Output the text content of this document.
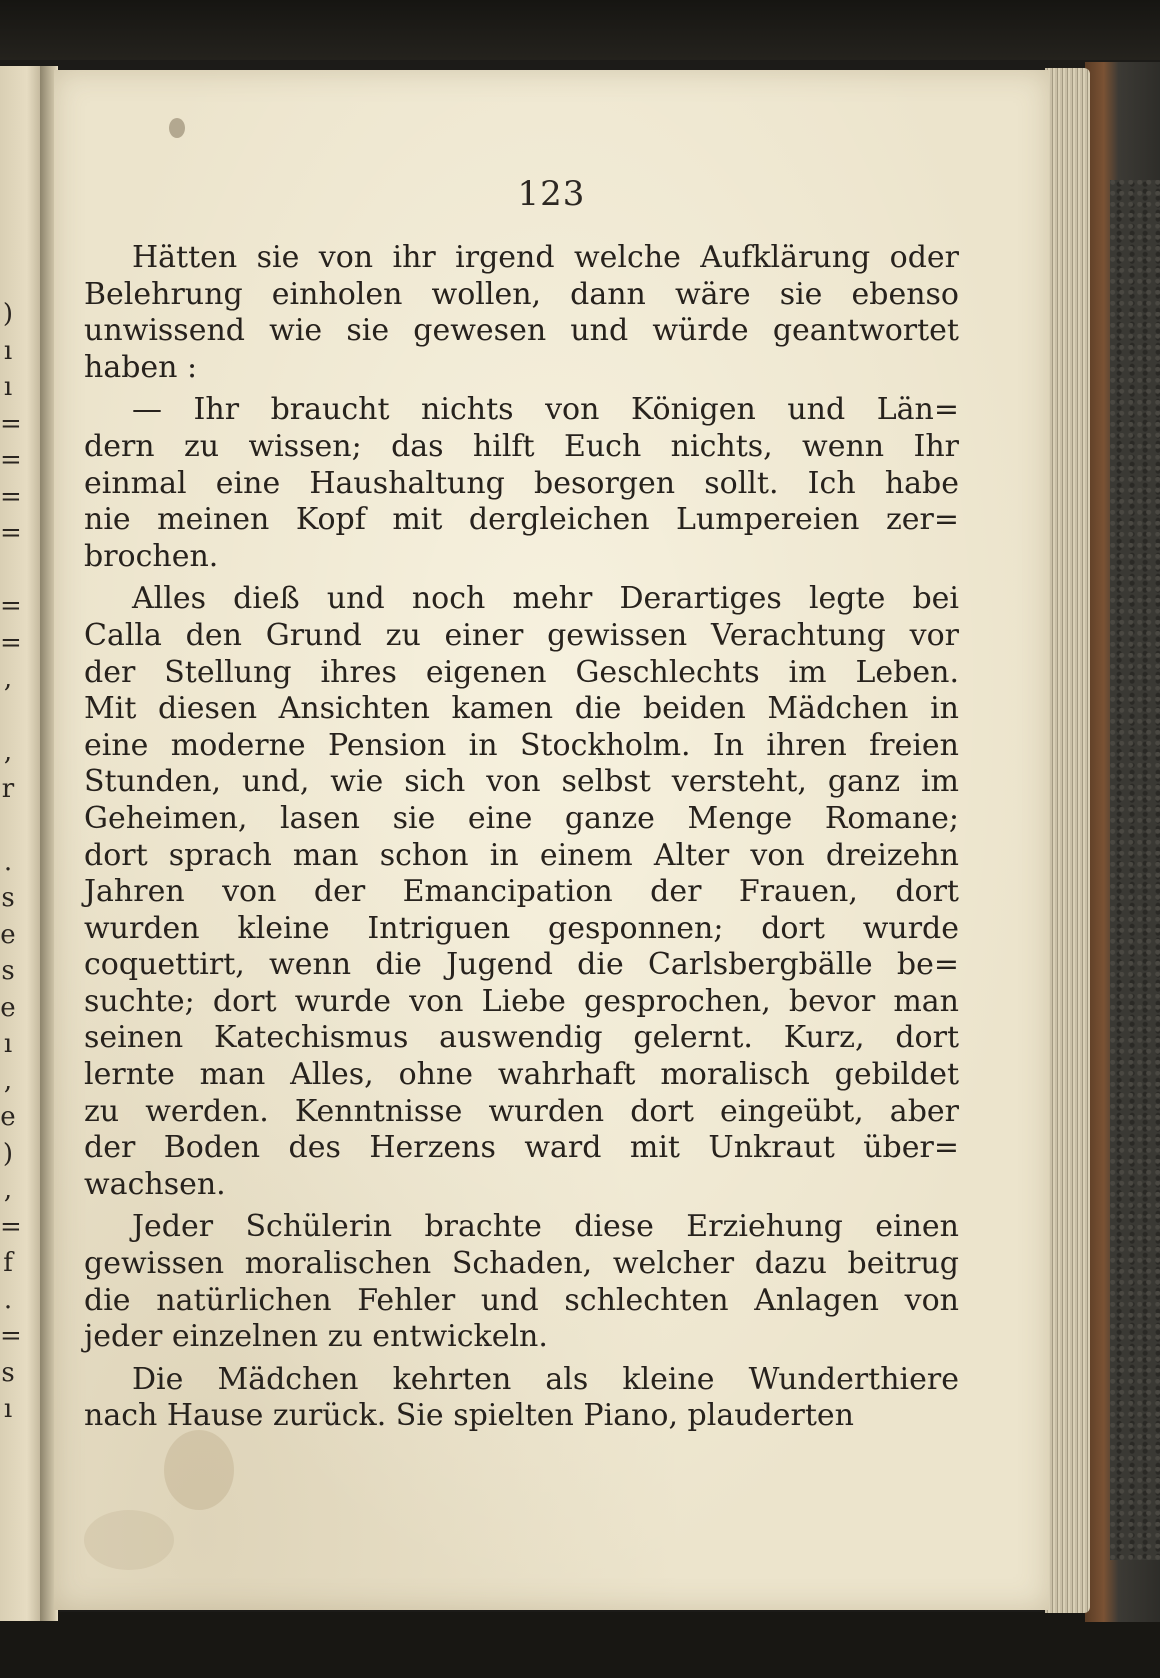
)
ı
ı
=
=
=
=

=
=
,

,
r

.
s
e
s
e
ı
,
e
)
,
=
f
.
=
s
ı
123
Hätten sie von ihr irgend welche Aufklärung oder
Belehrung einholen wollen, dann wäre sie ebenso
unwissend wie sie gewesen und würde geantwortet
haben :
— Ihr braucht nichts von Königen und Län=
dern zu wissen; das hilft Euch nichts, wenn Ihr
einmal eine Haushaltung besorgen sollt. Ich habe
nie meinen Kopf mit dergleichen Lumpereien zer=
brochen.
Alles dieß und noch mehr Derartiges legte bei
Calla den Grund zu einer gewissen Verachtung vor
der Stellung ihres eigenen Geschlechts im Leben.
Mit diesen Ansichten kamen die beiden Mädchen in
eine moderne Pension in Stockholm. In ihren freien
Stunden, und, wie sich von selbst versteht, ganz im
Geheimen, lasen sie eine ganze Menge Romane;
dort sprach man schon in einem Alter von dreizehn
Jahren von der Emancipation der Frauen, dort
wurden kleine Intriguen gesponnen; dort wurde
coquettirt, wenn die Jugend die Carlsbergbälle be=
suchte; dort wurde von Liebe gesprochen, bevor man
seinen Katechismus auswendig gelernt. Kurz, dort
lernte man Alles, ohne wahrhaft moralisch gebildet
zu werden. Kenntnisse wurden dort eingeübt, aber
der Boden des Herzens ward mit Unkraut über=
wachsen.
Jeder Schülerin brachte diese Erziehung einen
gewissen moralischen Schaden, welcher dazu beitrug
die natürlichen Fehler und schlechten Anlagen von
jeder einzelnen zu entwickeln.
Die Mädchen kehrten als kleine Wunderthiere
nach Hause zurück. Sie spielten Piano, plauderten
